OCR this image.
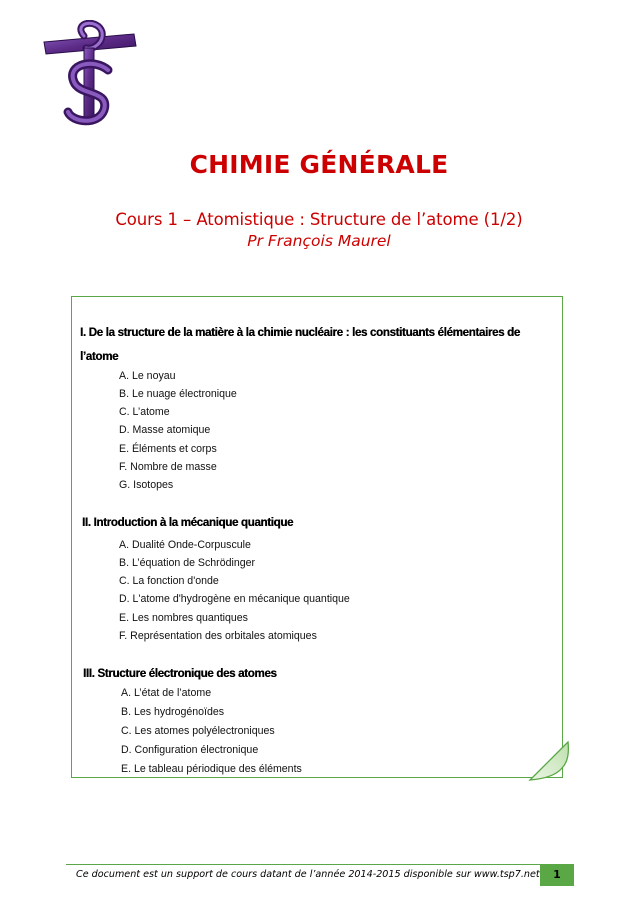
CHIMIE GÉNÉRALE
Cours 1 – Atomistique : Structure de l’atome (1/2)
Pr François Maurel
I. De la structure de la matière à la chimie nucléaire : les constituants élémentaires de l’atome
A. Le noyau
B. Le nuage électronique
C. L’atome
D. Masse atomique
E. Éléments et corps
F. Nombre de masse
G. Isotopes
II. Introduction à la mécanique quantique
A. Dualité Onde-Corpuscule
B. L’équation de Schrödinger
C. La fonction d'onde
D. L'atome d'hydrogène en mécanique quantique
E. Les nombres quantiques
F. Représentation des orbitales atomiques
III. Structure électronique des atomes
A. L’état de l’atome
B. Les hydrogénoïdes
C. Les atomes polyélectroniques
D. Configuration électronique
E. Le tableau périodique des éléments
Ce document est un support de cours datant de l’année 2014-2015 disponible sur www.tsp7.net	1
